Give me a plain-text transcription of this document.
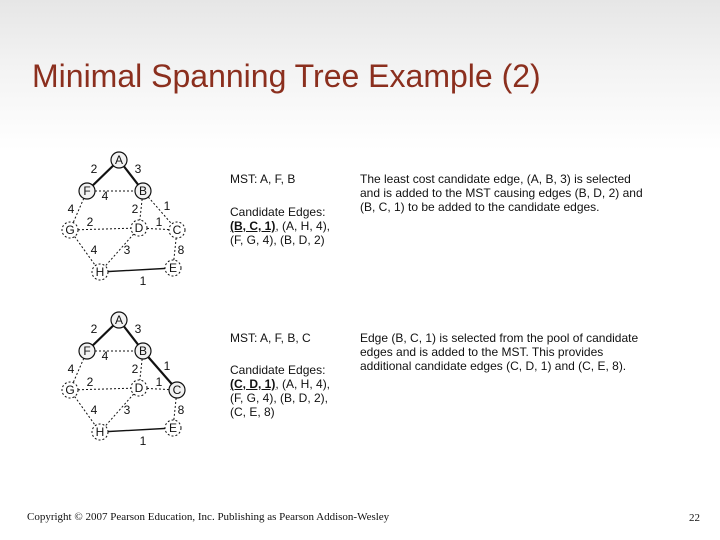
Minimal Spanning Tree Example (2)
2	3
4
4
2
2 1
1
4 3	8
1
A
F	B
G	D C
H	E
MST: A, F, B
Candidate Edges:
(B, C, 1), (A, H, 4),
(F, G, 4), (B, D, 2)
The least cost candidate edge, (A, B, 3) is selected and is added to the MST causing edges (B, D, 2) and (B, C, 1) to be added to the candidate edges.
2	3
4
4
2
2 1
1
4 3	8
1
A
F	B
G	D C
H	E
MST: A, F, B, C
Candidate Edges:
(C, D, 1), (A, H, 4),
(F, G, 4), (B, D, 2),
(C, E, 8)
Edge (B, C, 1) is selected from the pool of candidate edges and is added to the MST. This provides additional candidate edges (C, D, 1) and (C, E, 8).
Copyright © 2007 Pearson Education, Inc. Publishing as Pearson Addison-Wesley	22
